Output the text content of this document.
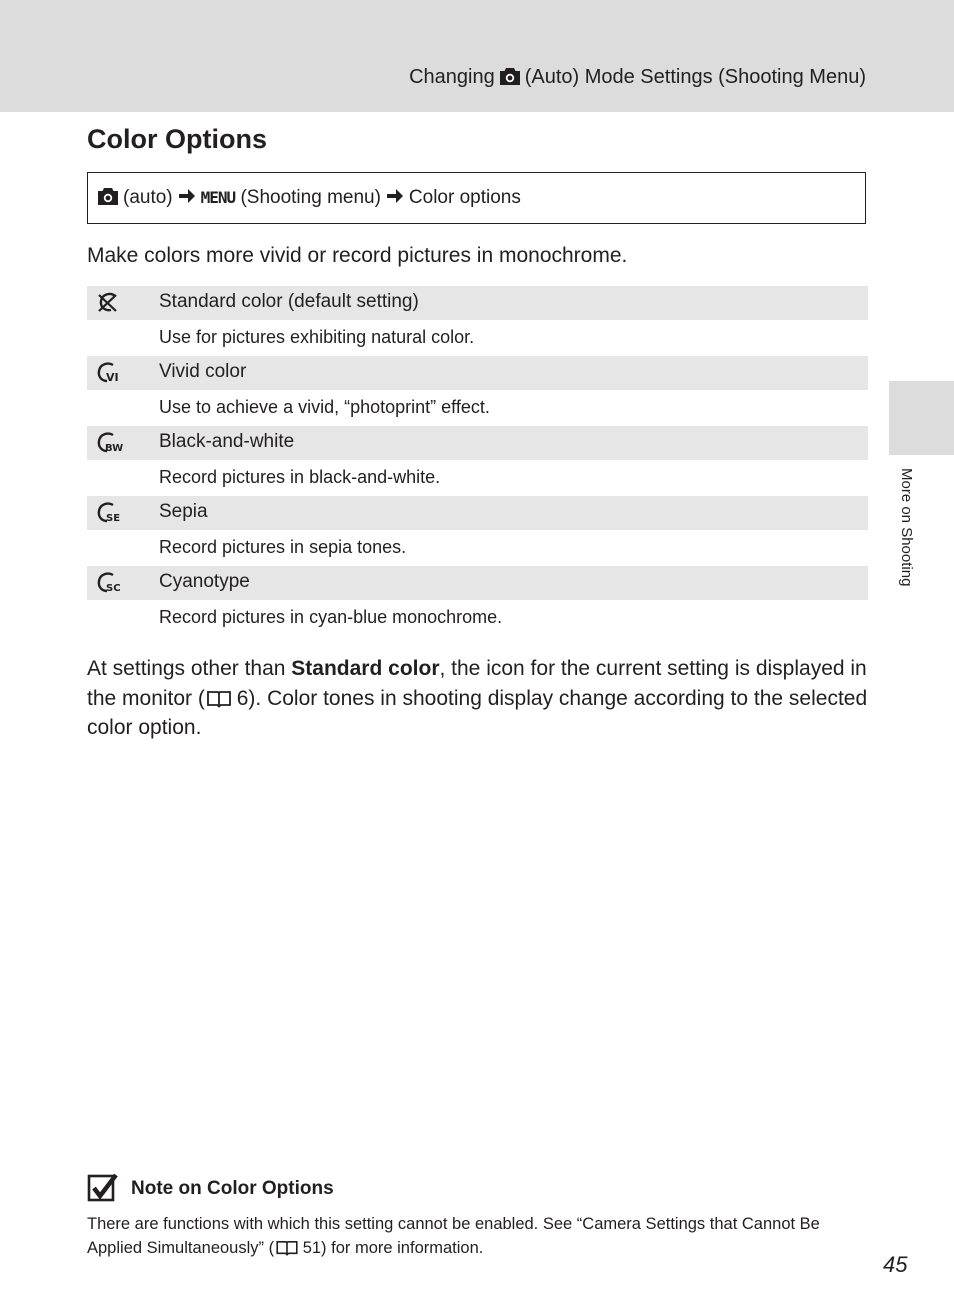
Changing (Auto) Mode Settings (Shooting Menu)
Color Options
(auto) MENU (Shooting menu) Color options
Make colors more vivid or record pictures in monochrome.
Standard color (default setting)
Use for pictures exhibiting natural color.
VI Vivid color
Use to achieve a vivid, “photoprint” effect.
BW Black-and-white
Record pictures in black-and-white.
SE Sepia
Record pictures in sepia tones.
SC Cyanotype
Record pictures in cyan-blue monochrome.

At settings other than Standard color, the icon for the current setting is displayed in the monitor ( 6). Color tones in shooting display change according to the selected color option.

More on Shooting
Note on Color Options

There are functions with which this setting cannot be enabled. See “Camera Settings that Cannot Be Applied Simultaneously” ( 51) for more information.

45
